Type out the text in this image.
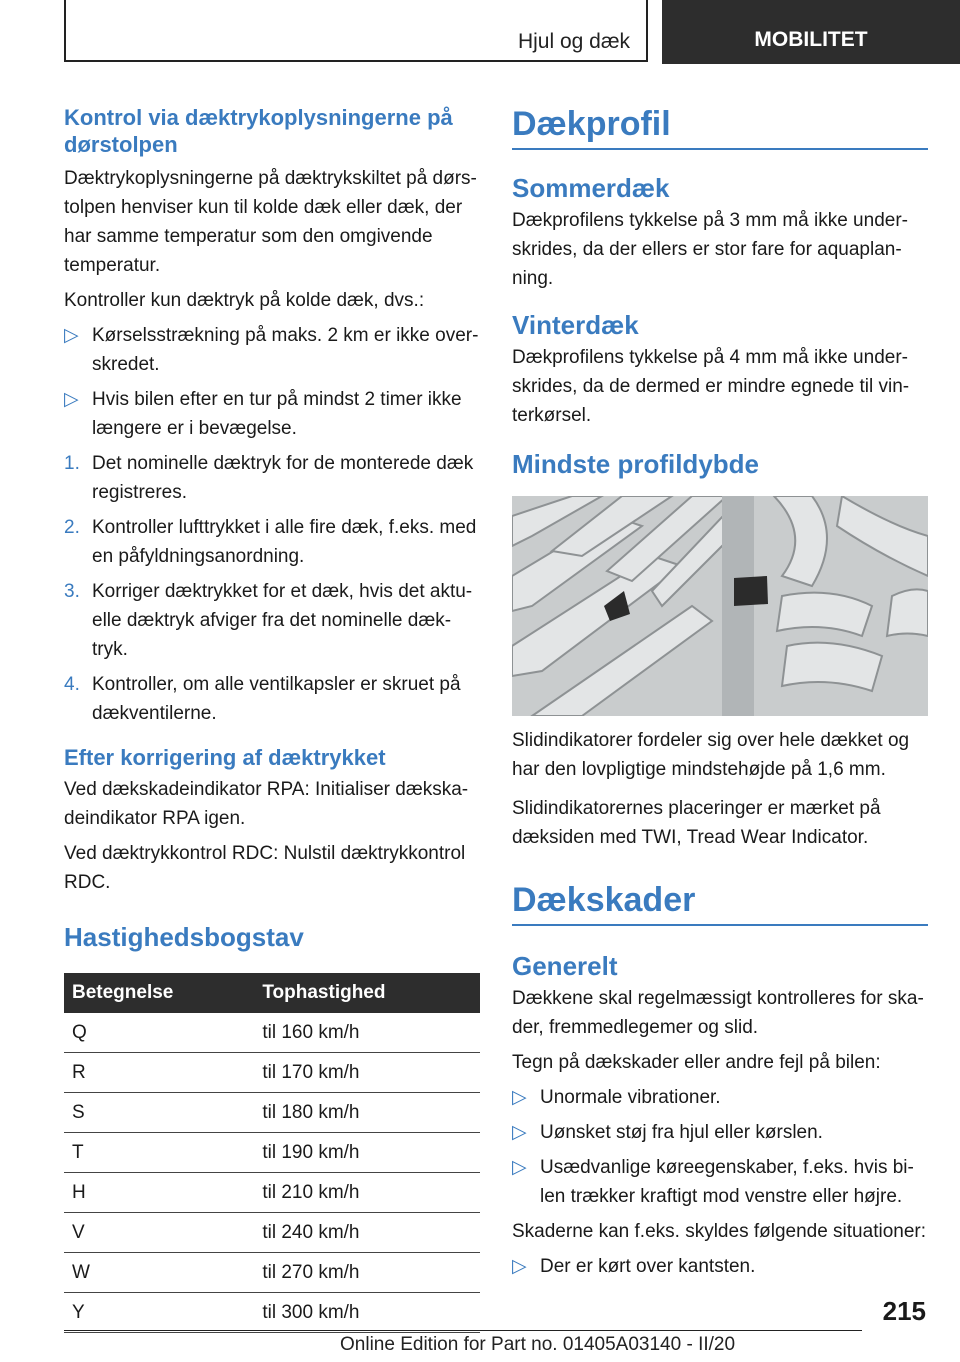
Hjul og dæk	MOBILITET
Kontrol via dæktrykoplysningerne på dørstolpen

Dæktrykoplysningerne på dæktrykskiltet på dørs-tolpen henviser kun til kolde dæk eller dæk, der har samme temperatur som den omgivende temperatur.

Kontroller kun dæktryk på kolde dæk, dvs.:

▷ Kørselsstrækning på maks. 2 km er ikke over-skredet.
▷ Hvis bilen efter en tur på mindst 2 timer ikke længere er i bevægelse.
1. Det nominelle dæktryk for de monterede dæk registreres.
2. Kontroller lufttrykket i alle fire dæk, f.eks. med en påfyldningsanordning.
3. Korriger dæktrykket for et dæk, hvis det aktu-elle dæktryk afviger fra det nominelle dæk-tryk.
4. Kontroller, om alle ventilkapsler er skruet på dækventilerne.
Efter korrigering af dæktrykket

Ved dækskadeindikator RPA: Initialiser dækska-deindikator RPA igen.

Ved dæktrykkontrol RDC: Nulstil dæktrykkontrol RDC.

Hastighedsbogstav
Betegnelse	Tophastighed
Q	til 160 km/h
R	til 170 km/h
S	til 180 km/h
T	til 190 km/h
H	til 210 km/h
V	til 240 km/h
W	til 270 km/h
Y	til 300 km/h
Dækprofil
Sommerdæk

Dækprofilens tykkelse på 3 mm må ikke under-skrides, da der ellers er stor fare for aquaplan-ning.

Vinterdæk

Dækprofilens tykkelse på 4 mm må ikke under-skrides, da de dermed er mindre egnede til vin-terkørsel.

Mindste profildybde

Slidindikatorer fordeler sig over hele dækket og har den lovpligtige mindstehøjde på 1,6 mm.

Slidindikatorernes placeringer er mærket på dæksiden med TWI, Tread Wear Indicator.

Dækskader
Generelt

Dækkene skal regelmæssigt kontrolleres for ska-der, fremmedlegemer og slid.

Tegn på dækskader eller andre fejl på bilen:

▷ Unormale vibrationer.
▷ Uønsket støj fra hjul eller kørslen.
▷ Usædvanlige køreegenskaber, f.eks. hvis bi-len trækker kraftigt mod venstre eller højre.

Skaderne kan f.eks. skyldes følgende situationer:

▷ Der er kørt over kantsten.
215
Online Edition for Part no. 01405A03140 - II/20
